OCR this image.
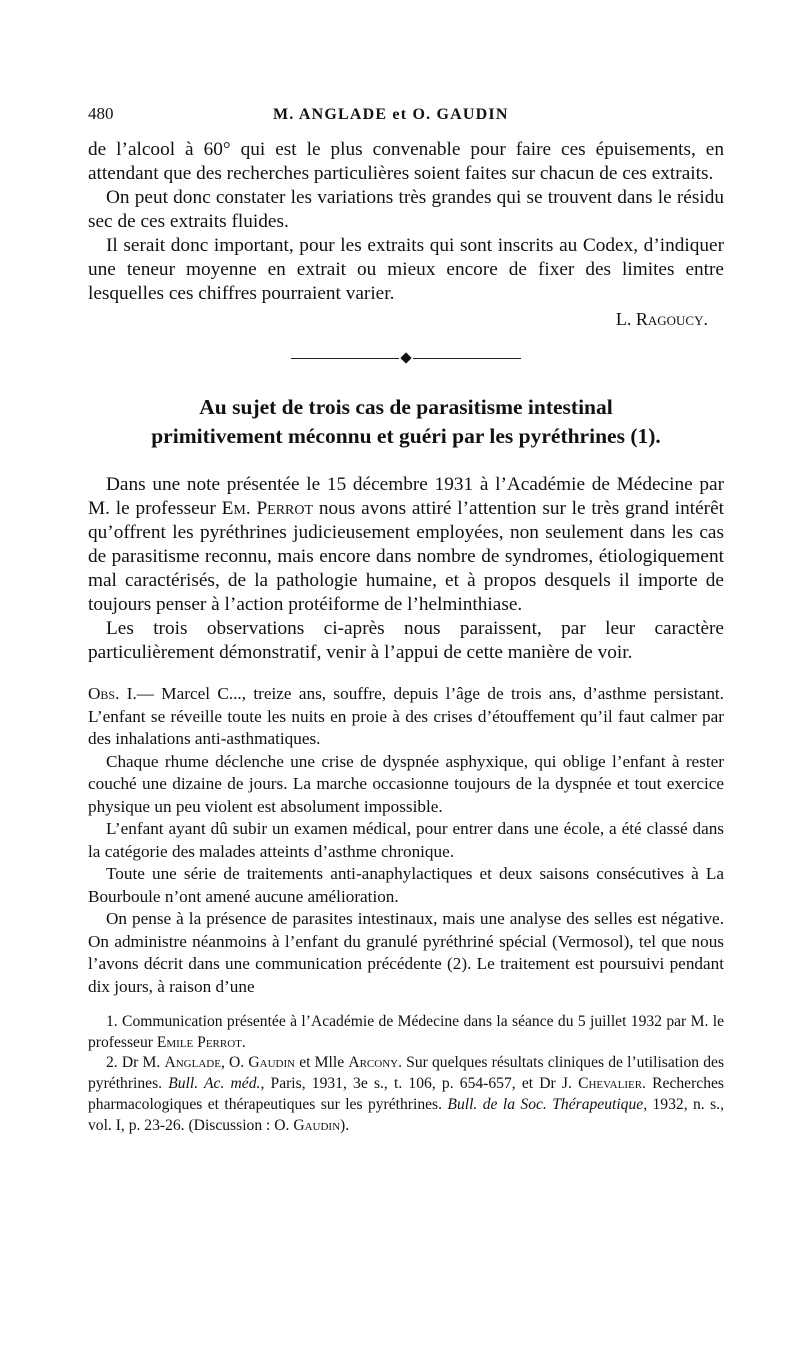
480	M. ANGLADE et O. GAUDIN

de l’alcool à 60° qui est le plus convenable pour faire ces épuisements, en attendant que des recherches particulières soient faites sur chacun de ces extraits.

On peut donc constater les variations très grandes qui se trouvent dans le résidu sec de ces extraits fluides.

Il serait donc important, pour les extraits qui sont inscrits au Codex, d’indiquer une teneur moyenne en extrait ou mieux encore de fixer des limites entre lesquelles ces chiffres pourraient varier.

L. Ragoucy.
Au sujet de trois cas de parasitisme intestinal
primitivement méconnu et guéri par les pyréthrines (1).

Dans une note présentée le 15 décembre 1931 à l’Académie de Médecine par M. le professeur Em. Perrot nous avons attiré l’attention sur le très grand intérêt qu’offrent les pyréthrines judicieusement employées, non seulement dans les cas de parasitisme reconnu, mais encore dans nombre de syndromes, étiologiquement mal caractérisés, de la pathologie humaine, et à propos desquels il importe de toujours penser à l’action protéiforme de l’helminthiase.

Les trois observations ci-après nous paraissent, par leur caractère particulièrement démonstratif, venir à l’appui de cette manière de voir.

Obs. I.— Marcel C..., treize ans, souffre, depuis l’âge de trois ans, d’asthme persistant. L’enfant se réveille toute les nuits en proie à des crises d’étouffement qu’il faut calmer par des inhalations anti-asthmatiques.

Chaque rhume déclenche une crise de dyspnée asphyxique, qui oblige l’enfant à rester couché une dizaine de jours. La marche occasionne toujours de la dyspnée et tout exercice physique un peu violent est absolument impossible.

L’enfant ayant dû subir un examen médical, pour entrer dans une école, a été classé dans la catégorie des malades atteints d’asthme chronique.

Toute une série de traitements anti-anaphylactiques et deux saisons consécutives à La Bourboule n’ont amené aucune amélioration.

On pense à la présence de parasites intestinaux, mais une analyse des selles est négative. On administre néanmoins à l’enfant du granulé pyréthriné spécial (Vermosol), tel que nous l’avons décrit dans une communication précédente (2). Le traitement est poursuivi pendant dix jours, à raison d’une

1. Communication présentée à l’Académie de Médecine dans la séance du 5 juillet 1932 par M. le professeur Emile Perrot.

2. Dr M. Anglade, O. Gaudin et Mlle Arcony. Sur quelques résultats cliniques de l’utilisation des pyréthrines. Bull. Ac. méd., Paris, 1931, 3e s., t. 106, p. 654-657, et Dr J. Chevalier. Recherches pharmacologiques et thérapeutiques sur les pyréthrines. Bull. de la Soc. Thérapeutique, 1932, n. s., vol. I, p. 23-26. (Discussion : O. Gaudin).
